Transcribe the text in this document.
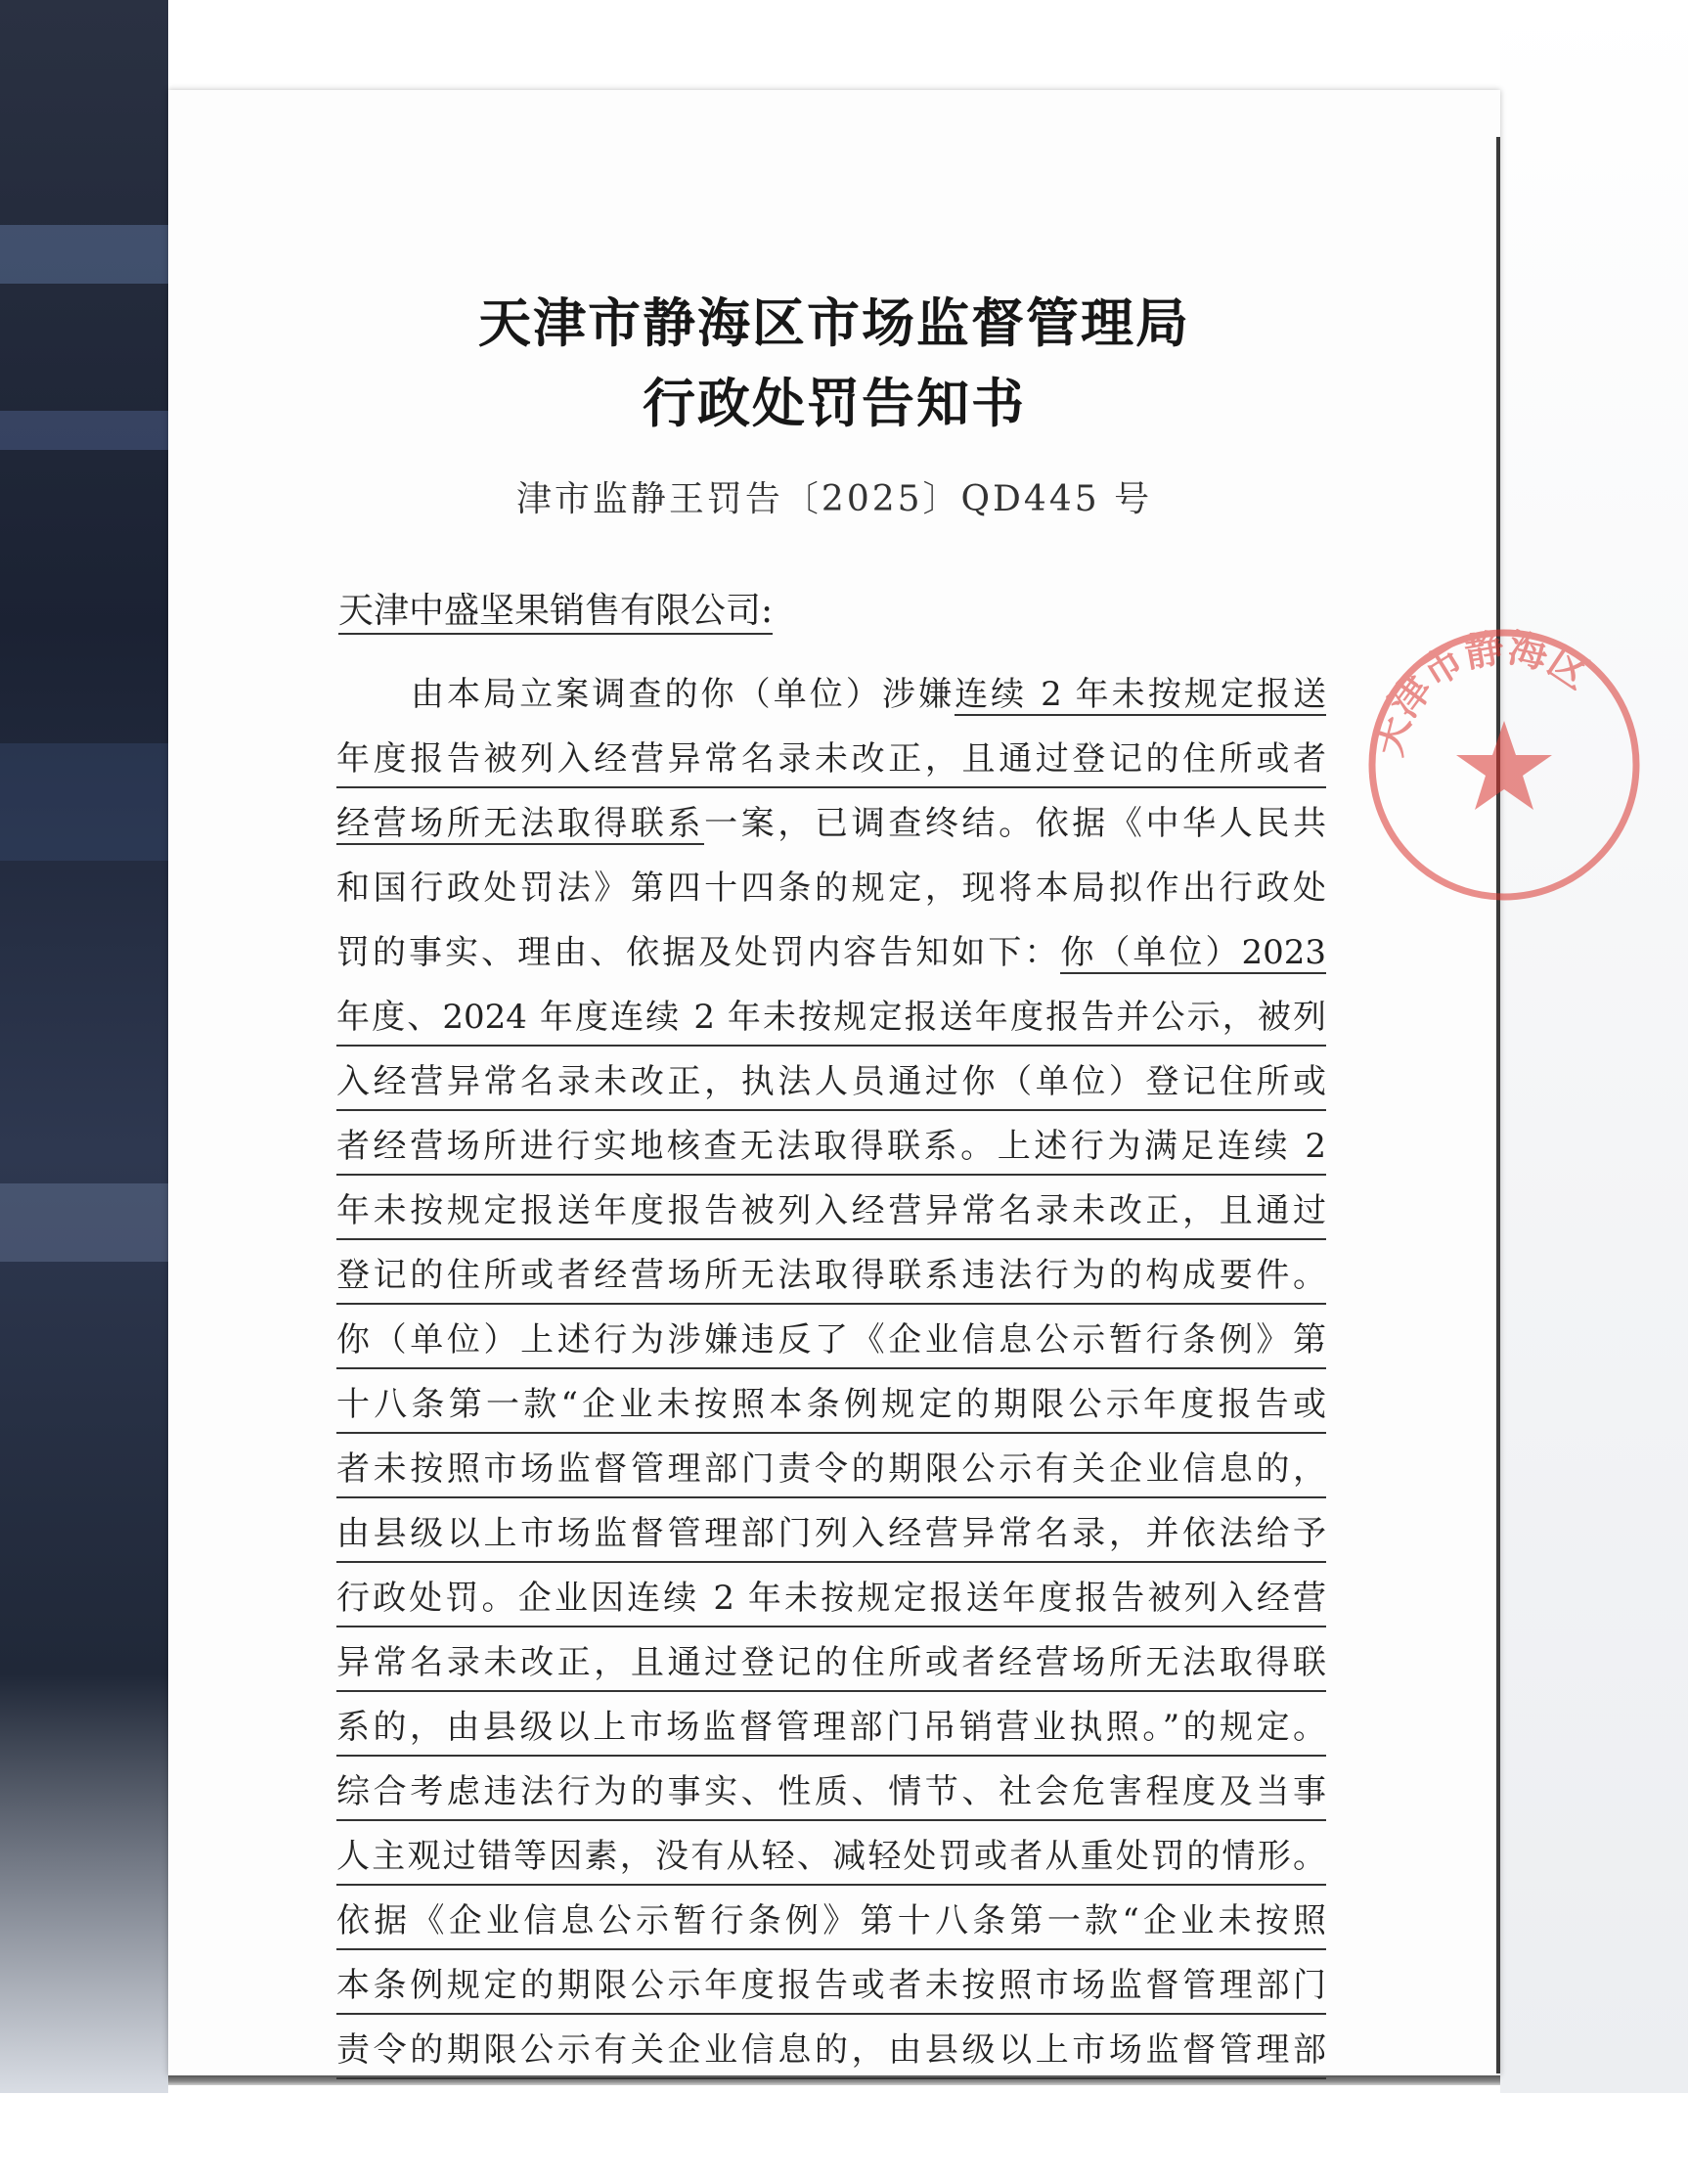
天津市静海区市场监督管理局
行政处罚告知书
津市监静王罚告〔2025〕QD445 号
天津中盛坚果销售有限公司:
由本局立案调查的你（单位）涉嫌连续 2 年未按规定报送
年度报告被列入经营异常名录未改正，且通过登记的住所或者
经营场所无法取得联系一案，已调查终结。依据《中华人民共
和国行政处罚法》第四十四条的规定，现将本局拟作出行政处
罚的事实、理由、依据及处罚内容告知如下：你（单位）2023
年度、2024 年度连续 2 年未按规定报送年度报告并公示，被列
入经营异常名录未改正，执法人员通过你（单位）登记住所或
者经营场所进行实地核查无法取得联系。上述行为满足连续 2
年未按规定报送年度报告被列入经营异常名录未改正，且通过
登记的住所或者经营场所无法取得联系违法行为的构成要件。
你（单位）上述行为涉嫌违反了《企业信息公示暂行条例》第
十八条第一款“企业未按照本条例规定的期限公示年度报告或
者未按照市场监督管理部门责令的期限公示有关企业信息的，
由县级以上市场监督管理部门列入经营异常名录，并依法给予
行政处罚。企业因连续 2 年未按规定报送年度报告被列入经营
异常名录未改正，且通过登记的住所或者经营场所无法取得联
系的，由县级以上市场监督管理部门吊销营业执照。”的规定。
综合考虑违法行为的事实、性质、情节、社会危害程度及当事
人主观过错等因素，没有从轻、减轻处罚或者从重处罚的情形。
依据《企业信息公示暂行条例》第十八条第一款“企业未按照
本条例规定的期限公示年度报告或者未按照市场监督管理部门
责令的期限公示有关企业信息的，由县级以上市场监督管理部
天津市静海区
